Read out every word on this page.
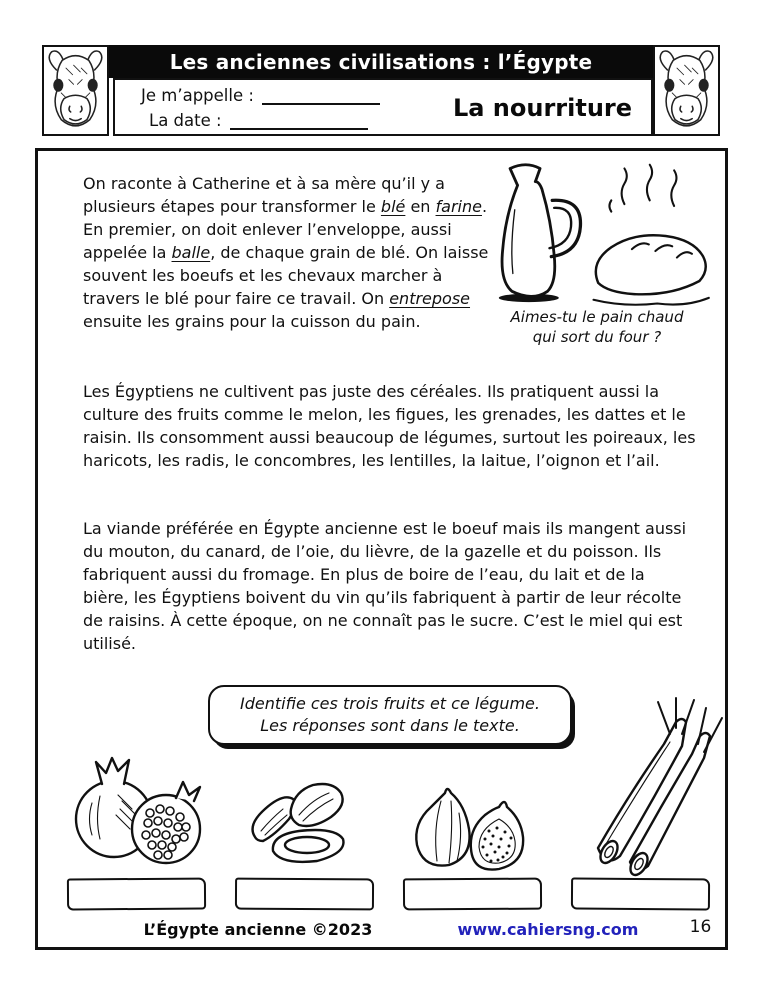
Les anciennes civilisations : l’Égypte
Je m’appelle :
La date :	La nourriture

On raconte à Catherine et à sa mère qu’il y a plusieurs étapes pour transformer le blé en farine. En premier, on doit enlever l’enveloppe, aussi appelée la balle, de chaque grain de blé. On laisse souvent les boeufs et les chevaux marcher à travers le blé pour faire ce travail. On entrepose ensuite les grains pour la cuisson du pain.	Aimes-tu le pain chaud
qui sort du four ?

Les Égyptiens ne cultivent pas juste des céréales. Ils pratiquent aussi la culture des fruits comme le melon, les figues, les grenades, les dattes et le raisin. Ils consomment aussi beaucoup de légumes, surtout les poireaux, les haricots, les radis, le concombres, les lentilles, la laitue, l’oignon et l’ail.

La viande préférée en Égypte ancienne est le boeuf mais ils mangent aussi du mouton, du canard, de l’oie, du lièvre, de la gazelle et du poisson. Ils fabriquent aussi du fromage. En plus de boire de l’eau, du lait et de la bière, les Égyptiens boivent du vin qu’ils fabriquent à partir de leur récolte de raisins. À cette époque, on ne connaît pas le sucre. C’est le miel qui est utilisé.

Identifie ces trois fruits et ce légume.
Les réponses sont dans le texte.
L’Égypte ancienne ©2023	www.cahiersng.com	16
